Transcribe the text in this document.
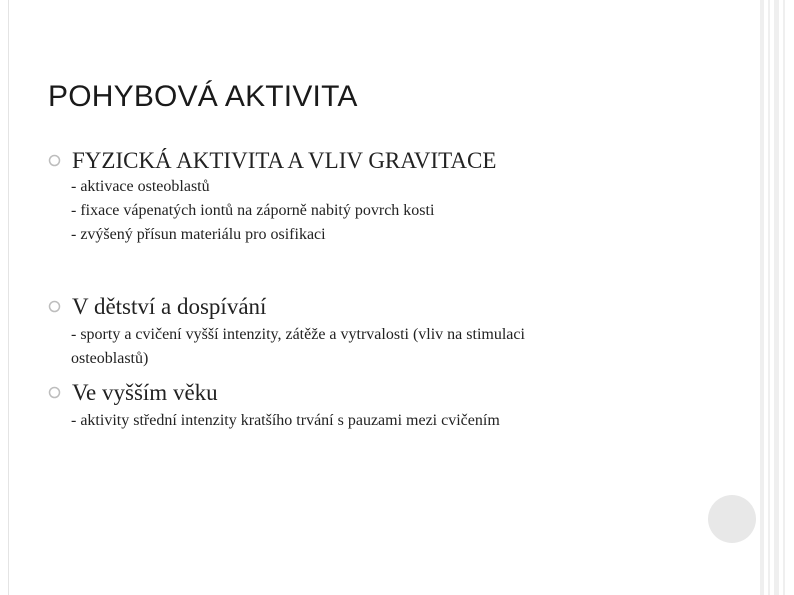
POHYBOVÁ AKTIVITA
FYZICKÁ AKTIVITA A VLIV GRAVITACE
- aktivace osteoblastů
- fixace vápenatých iontů na záporně nabitý povrch kosti
- zvýšený přísun materiálu pro osifikaci
V dětství a dospívání
- sporty a cvičení vyšší intenzity, zátěže a vytrvalosti (vliv na stimulaci
osteoblastů)
Ve vyšším věku
- aktivity střední intenzity kratšího trvání s pauzami mezi cvičením
